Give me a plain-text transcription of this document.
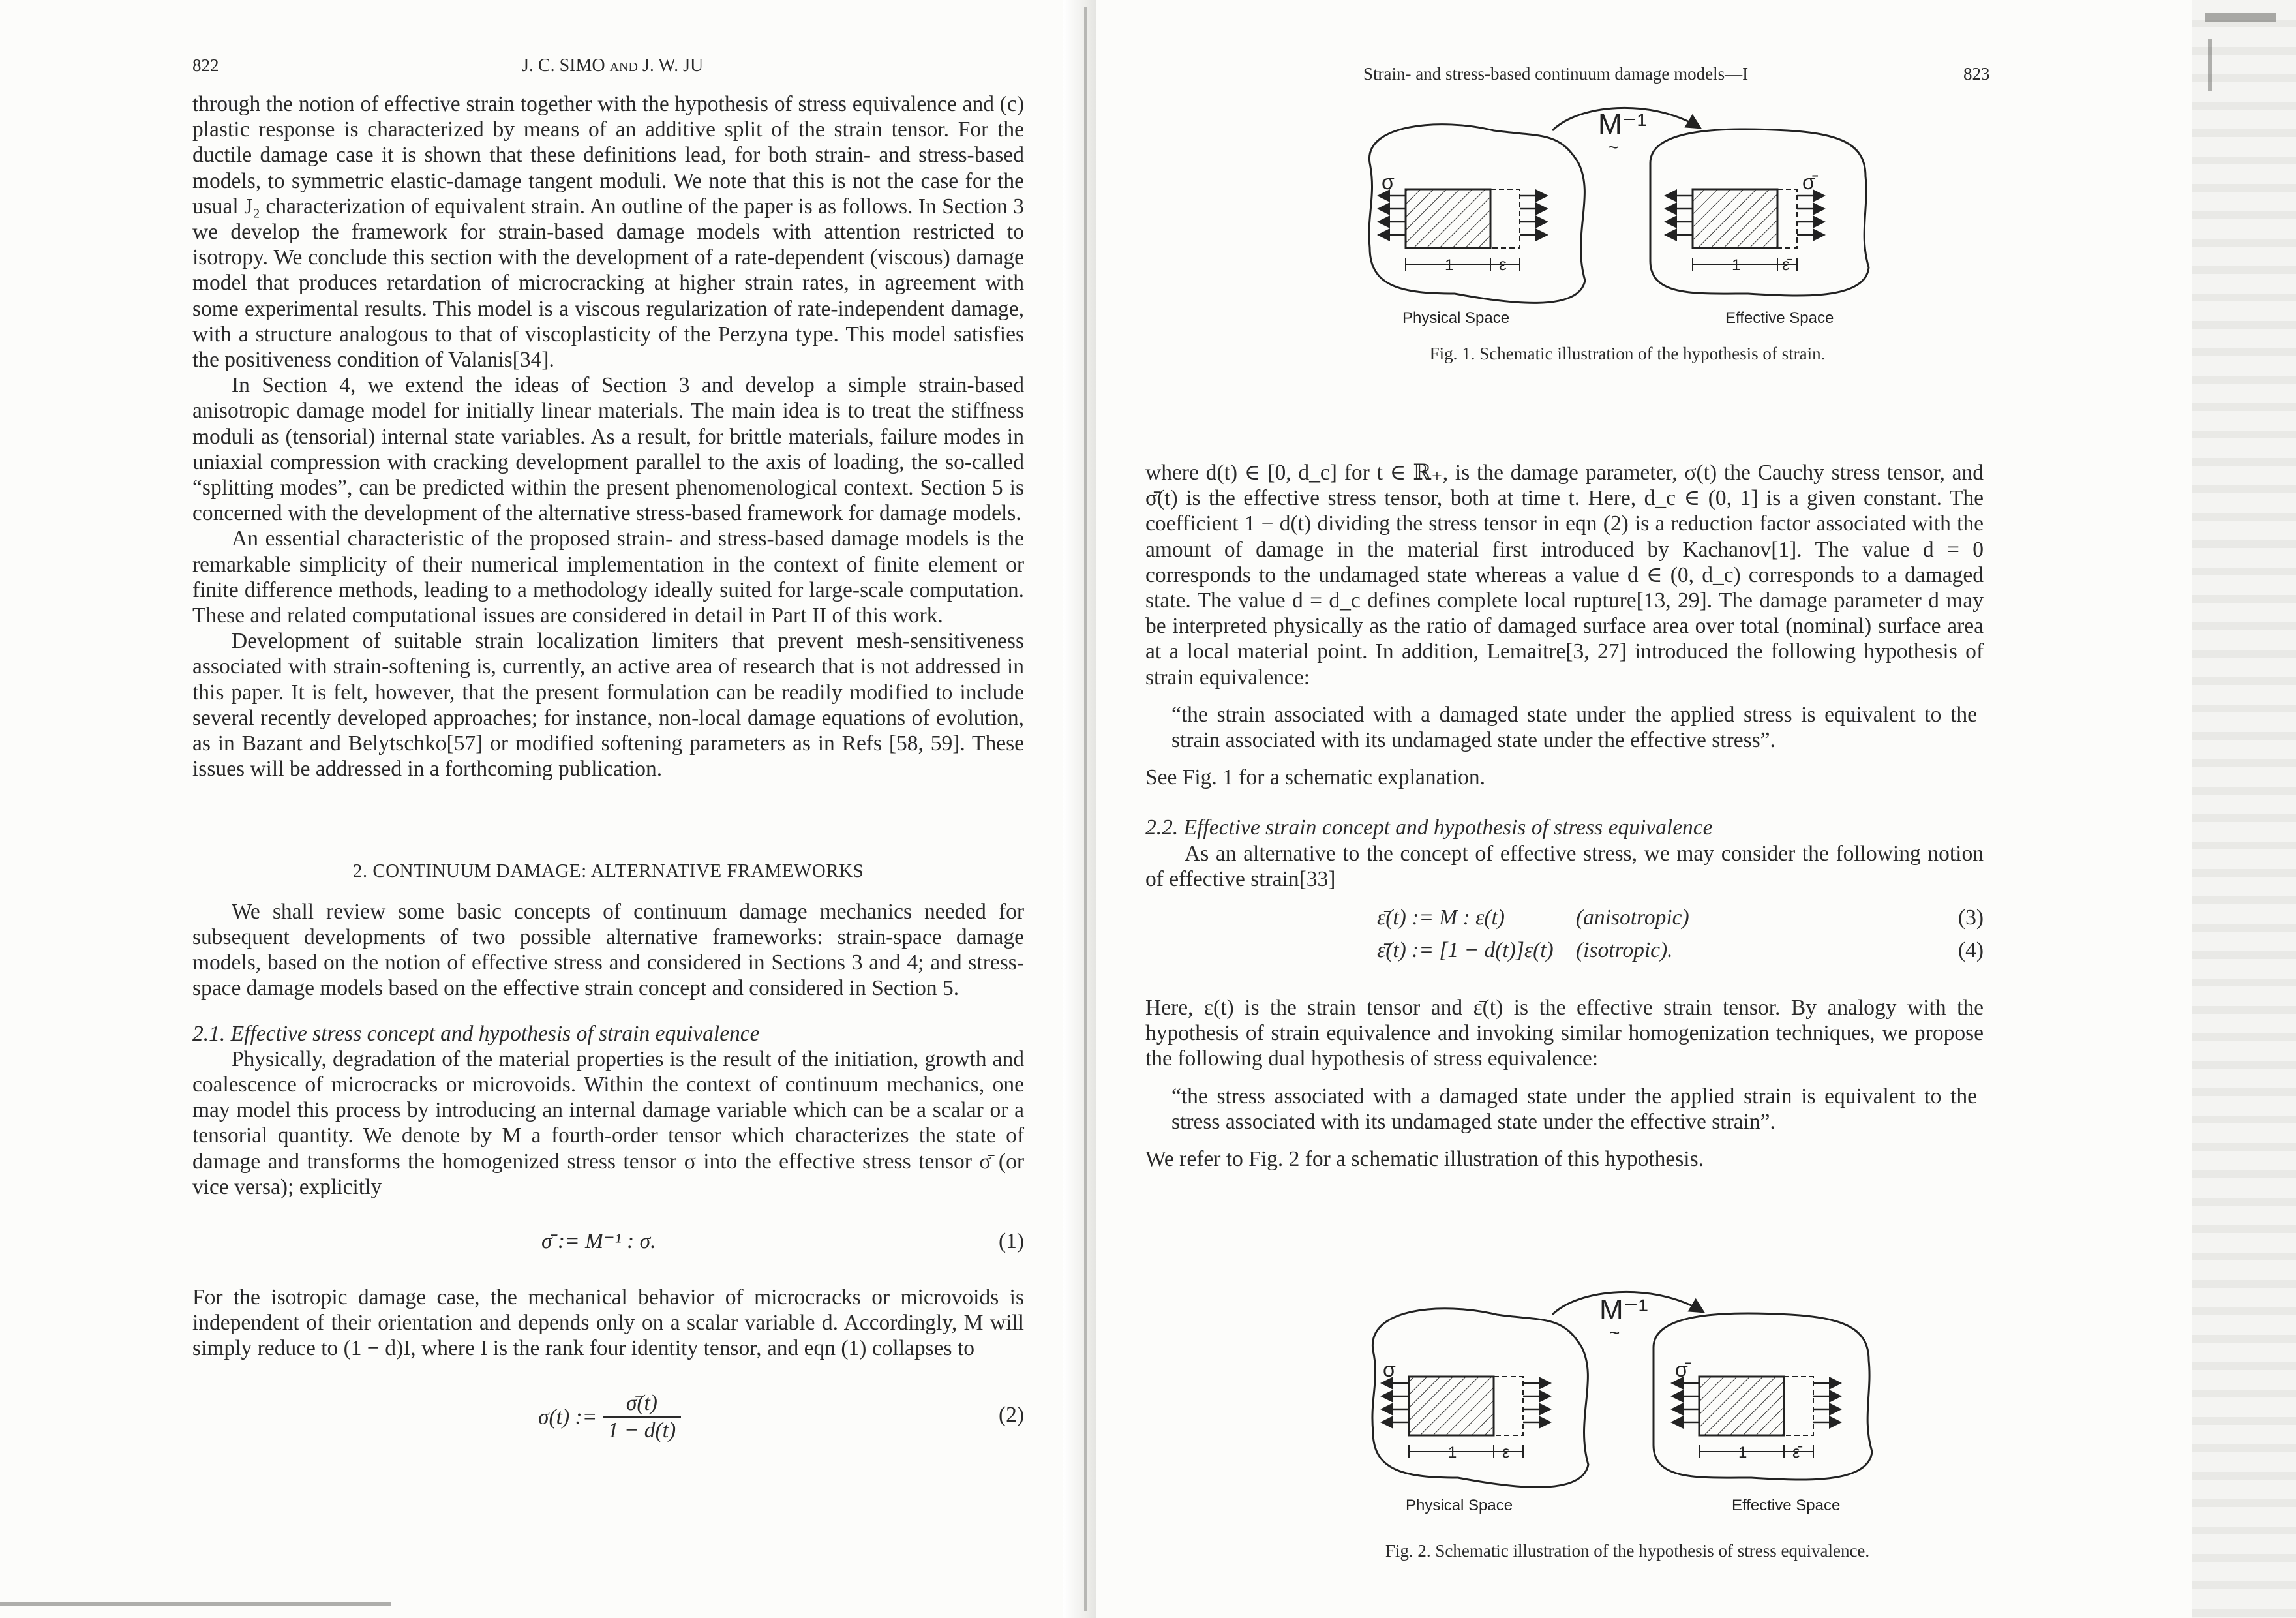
822	J. C. SIMO and J. W. JU

through the notion of effective strain together with the hypothesis of stress equivalence and (c) plastic response is characterized by means of an additive split of the strain tensor. For the ductile damage case it is shown that these definitions lead, for both strain- and stress-based models, to symmetric elastic-damage tangent moduli. We note that this is not the case for the usual J₂ characterization of equivalent strain. An outline of the paper is as follows. In Section 3 we develop the framework for strain-based damage models with attention restricted to isotropy. We conclude this section with the development of a rate-dependent (viscous) damage model that produces retardation of microcracking at higher strain rates, in agreement with some experimental results. This model is a viscous regularization of rate-independent damage, with a structure analogous to that of viscoplasticity of the Perzyna type. This model satisfies the positiveness condition of Valanis[34].

In Section 4, we extend the ideas of Section 3 and develop a simple strain-based anisotropic damage model for initially linear materials. The main idea is to treat the stiffness moduli as (tensorial) internal state variables. As a result, for brittle materials, failure modes in uniaxial compression with cracking development parallel to the axis of loading, the so-called “splitting modes”, can be predicted within the present phenomenological context. Section 5 is concerned with the development of the alternative stress-based framework for damage models.

An essential characteristic of the proposed strain- and stress-based damage models is the remarkable simplicity of their numerical implementation in the context of finite element or finite difference methods, leading to a methodology ideally suited for large-scale computation. These and related computational issues are considered in detail in Part II of this work.

Development of suitable strain localization limiters that prevent mesh-sensitiveness associated with strain-softening is, currently, an active area of research that is not addressed in this paper. It is felt, however, that the present formulation can be readily modified to include several recently developed approaches; for instance, non-local damage equations of evolution, as in Bazant and Belytschko[57] or modified softening parameters as in Refs [58, 59]. These issues will be addressed in a forthcoming publication.

2. CONTINUUM DAMAGE: ALTERNATIVE FRAMEWORKS

We shall review some basic concepts of continuum damage mechanics needed for subsequent developments of two possible alternative frameworks: strain-space damage models, based on the notion of effective stress and considered in Sections 3 and 4; and stress-space damage models based on the effective strain concept and considered in Section 5.

2.1. Effective stress concept and hypothesis of strain equivalence

Physically, degradation of the material properties is the result of the initiation, growth and coalescence of microcracks or microvoids. Within the context of continuum mechanics, one may model this process by introducing an internal damage variable which can be a scalar or a tensorial quantity. We denote by M a fourth-order tensor which characterizes the state of damage and transforms the homogenized stress tensor σ into the effective stress tensor σ̄ (or vice versa); explicitly

σ̄ := M⁻¹ : σ.	(1)

For the isotropic damage case, the mechanical behavior of microcracks or microvoids is independent of their orientation and depends only on a scalar variable d. Accordingly, M will simply reduce to (1 − d)I, where I is the rank four identity tensor, and eqn (1) collapses to

σ(t) := $\frac{\sigmā(t)}{1 - d(t)}$	(2)
Strain- and stress-based continuum damage models—I	823
σ
1	ε
σ̄
1 ε̄
M⁻¹
~
Physical Space	Effective Space
Fig. 1. Schematic illustration of the hypothesis of strain.

where d(t) ∈ [0, d_c] for t ∈ ℝ₊, is the damage parameter, σ(t) the Cauchy stress tensor, and σ̄(t) is the effective stress tensor, both at time t. Here, d_c ∈ (0, 1] is a given constant. The coefficient 1 − d(t) dividing the stress tensor in eqn (2) is a reduction factor associated with the amount of damage in the material first introduced by Kachanov[1]. The value d = 0 corresponds to the undamaged state whereas a value d ∈ (0, d_c) corresponds to a damaged state. The value d = d_c defines complete local rupture[13, 29]. The damage parameter d may be interpreted physically as the ratio of damaged surface area over total (nominal) surface area at a local material point. In addition, Lemaitre[3, 27] introduced the following hypothesis of strain equivalence:

“the strain associated with a damaged state under the applied stress is equivalent to the strain associated with its undamaged state under the effective stress”.

See Fig. 1 for a schematic explanation.

2.2. Effective strain concept and hypothesis of stress equivalence

As an alternative to the concept of effective stress, we may consider the following notion of effective strain[33]

ε̄(t) := M : ε(t)	(anisotropic)	(3)
ε̄(t) := [1 − d(t)]ε(t) (isotropic).	(4)

Here, ε(t) is the strain tensor and ε̄(t) is the effective strain tensor. By analogy with the hypothesis of strain equivalence and invoking similar homogenization techniques, we propose the following dual hypothesis of stress equivalence:

“the stress associated with a damaged state under the applied strain is equivalent to the stress associated with its undamaged state under the effective strain”.

We refer to Fig. 2 for a schematic illustration of this hypothesis.

σ
1	ε
σ̄
1	ε̄
M⁻¹
~
Physical Space	Effective Space
Fig. 2. Schematic illustration of the hypothesis of stress equivalence.
